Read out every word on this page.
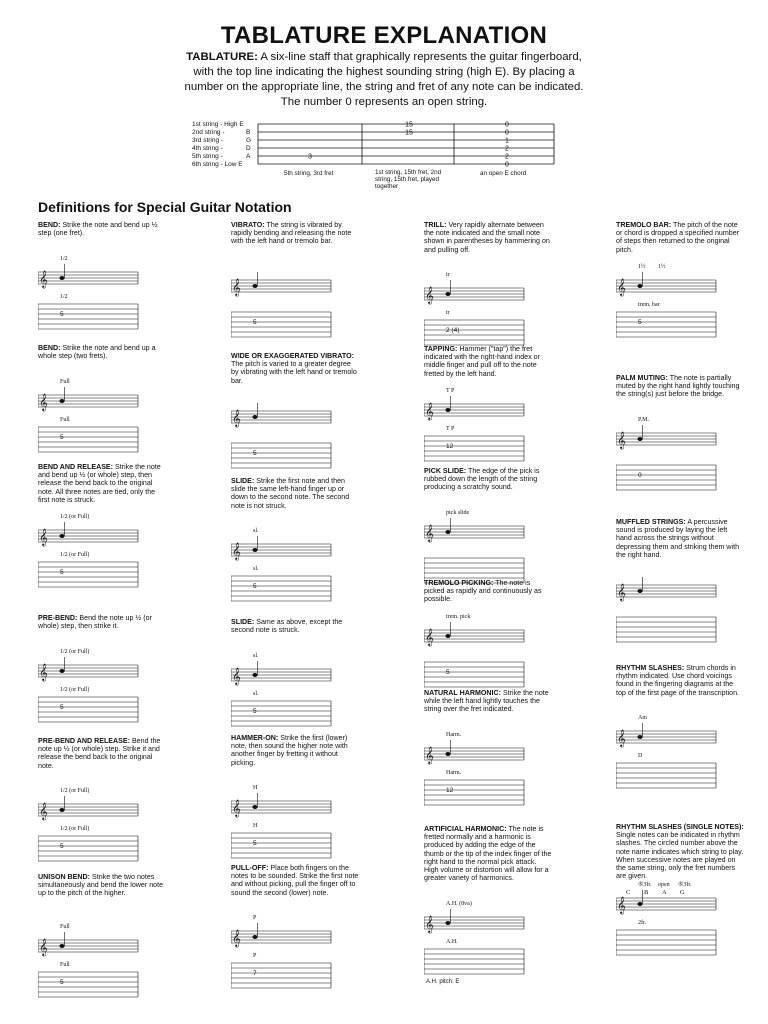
TABLATURE EXPLANATION
TABLATURE: A six-line staff that graphically represents the guitar fingerboard, with the top line indicating the highest sounding string (high E). By placing a number on the appropriate line, the string and fret of any note can be indicated. The number 0 represents an open string.
1st string - High E
2nd string -
3rd string -
4th string -
5th string -
6th string - Low E
B
G
D
A	3
15
15
0
0
1
2
2
0
5th string, 3rd fret	1st string, 15th fret, 2nd string, 15th fret, played together
an open E chord
Definitions for Special Guitar Notation
BEND: Strike the note and bend up ½ step (one fret).
𝄞
1/2
1/2
5
BEND: Strike the note and bend up a whole step (two frets).
𝄞
Full
Full
5
BEND AND RELEASE: Strike the note and bend up ½ (or whole) step, then release the bend back to the original note. All three notes are tied, only the first note is struck.
𝄞
1/2 (or Full)
1/2 (or Full)
5
PRE-BEND: Bend the note up ½ (or whole) step, then strike it.
𝄞
1/2 (or Full)
1/2 (or Full)
5
PRE-BEND AND RELEASE: Bend the note up ½ (or whole) step. Strike it and release the bend back to the original note.
𝄞
1/2 (or Full)
1/2 (or Full)
5
UNISON BEND: Strike the two notes simultaneously and bend the lower note up to the pitch of the higher.
𝄞
Full
Full
5
VIBRATO: The string is vibrated by rapidly bending and releasing the note with the left hand or tremolo bar.
𝄞
5
WIDE OR EXAGGERATED VIBRATO: The pitch is varied to a greater degree by vibrating with the left hand or tremolo bar.
𝄞
5
SLIDE: Strike the first note and then slide the same left-hand finger up or down to the second note. The second note is not struck.
𝄞
sl.
sl.
5
SLIDE: Same as above, except the second note is struck.
𝄞
sl.
sl.
5
HAMMER-ON: Strike the first (lower) note, then sound the higher note with another finger by fretting it without picking.
𝄞
H
H
5
PULL-OFF: Place both fingers on the notes to be sounded. Strike the first note and without picking, pull the finger off to sound the second (lower) note.
𝄞
P
P
7
TRILL: Very rapidly alternate between the note indicated and the small note shown in parentheses by hammering on and pulling off.
𝄞
tr
tr
2 (4)
TAPPING: Hammer ("tap") the fret indicated with the right-hand index or middle finger and pull off to the note fretted by the left hand.
𝄞
T P
T P
12
PICK SLIDE: The edge of the pick is rubbed down the length of the string producing a scratchy sound.
𝄞
pick slide
TREMOLO PICKING: The note is picked as rapidly and continuously as possible.
𝄞
trem. pick
5
NATURAL HARMONIC: Strike the note while the left hand lightly touches the string over the fret indicated.
𝄞
Harm.
Harm.
12
ARTIFICIAL HARMONIC: The note is fretted normally and a harmonic is produced by adding the edge of the thumb or the tip of the index finger of the right hand to the normal pick attack. High volume or distortion will allow for a greater variety of harmonics.
𝄞
A.H. (8va)
A.H.
A.H. pitch: E
TREMOLO BAR: The pitch of the note or chord is dropped a specified number of steps then returned to the original pitch.
𝄞
1½
trem. bar
5
1½
PALM MUTING: The note is partially muted by the right hand lightly touching the string(s) just before the bridge.
𝄞
P.M.
0
MUFFLED STRINGS: A percussive sound is produced by laying the left hand across the strings without depressing them and striking them with the right hand.
𝄞
RHYTHM SLASHES: Strum chords in rhythm indicated. Use chord voicings found in the fingering diagrams at the top of the first page of the transcription.
𝄞
Am
D
RHYTHM SLASHES (SINGLE NOTES): Single notes can be indicated in rhythm slashes. The circled number above the note name indicates which string to play. When successive notes are played on the same string, only the fret numbers are given.
𝄞
⑤3fr.
2fr.
open ⑤3fr.
C B A G
